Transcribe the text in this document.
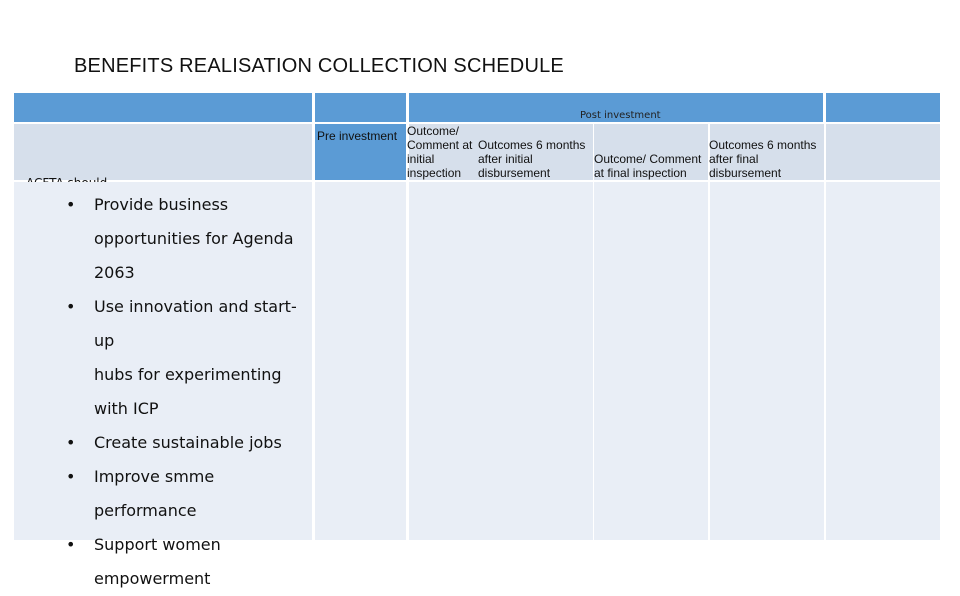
BENEFITS REALISATION COLLECTION SCHEDULE
Post investment
Pre investment Outcome/
Comment at
initial
inspection
Outcomes 6 months
after initial
disbursement
Outcome/ Comment
at final inspection
Outcomes 6 months
after final
disbursement
• Provide business
opportunities for Agenda
2063
• Use innovation and start-up
hubs for experimenting
with ICP
• Create sustainable jobs
• Improve smme
performance
• Support women
empowerment
